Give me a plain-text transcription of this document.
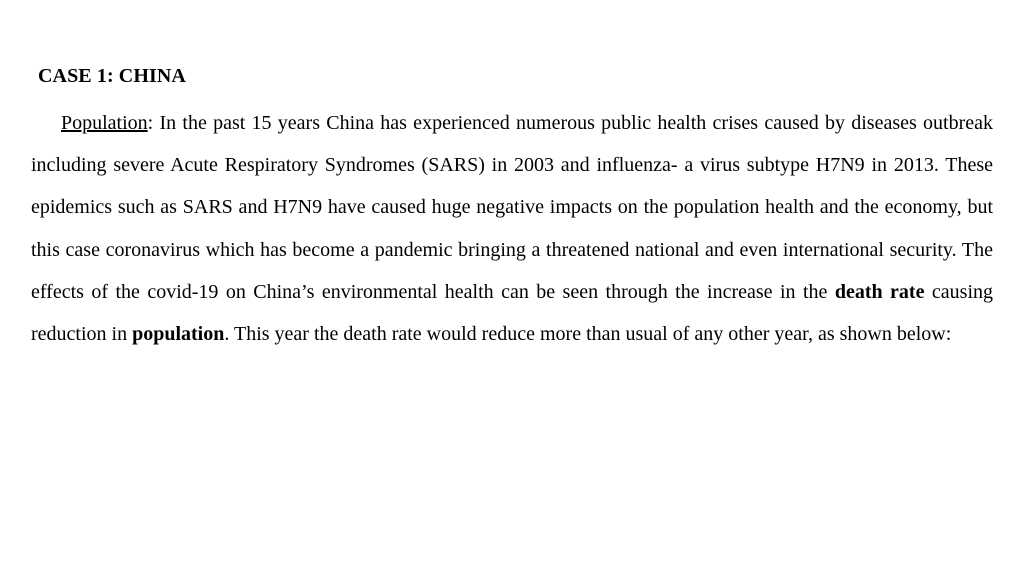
CASE 1: CHINA

Population: In the past 15 years China has experienced numerous public health crises caused by diseases outbreak including severe Acute Respiratory Syndromes (SARS) in 2003 and influenza- a virus subtype H7N9 in 2013. These epidemics such as SARS and H7N9 have caused huge negative impacts on the population health and the economy, but this case coronavirus which has become a pandemic bringing a threatened national and even international security. The effects of the covid-19 on China’s environmental health can be seen through the increase in the death rate causing reduction in population. This year the death rate would reduce more than usual of any other year, as shown below:
